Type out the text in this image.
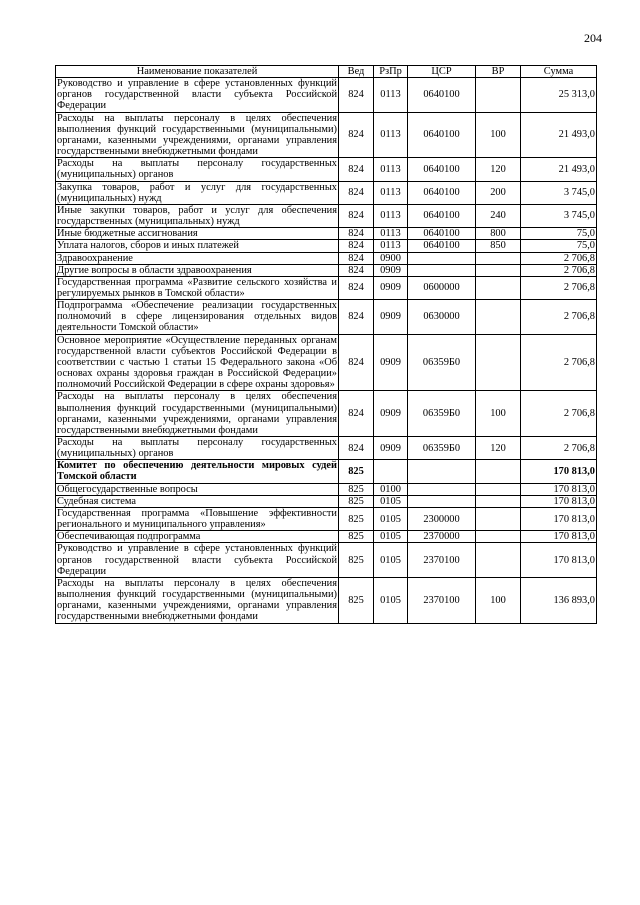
204
Наименование показателей	Вед	РзПр	ЦСР	ВР	Сумма
Руководство и управление в сфере установленных функций органов государственной власти субъекта Российской Федерации	824	0113	0640100		25 313,0
Расходы на выплаты персоналу в целях обеспечения выполнения функций государственными (муниципальными) органами, казенными учреждениями, органами управления государственными внебюджетными фондами	824	0113	0640100	100	21 493,0
Расходы на выплаты персоналу государственных (муниципальных) органов	824	0113	0640100	120	21 493,0
Закупка товаров, работ и услуг для государственных (муниципальных) нужд	824	0113	0640100	200	3 745,0
Иные закупки товаров, работ и услуг для обеспечения государственных (муниципальных) нужд	824	0113	0640100	240	3 745,0
Иные бюджетные ассигнования	824	0113	0640100	800	75,0
Уплата налогов, сборов и иных платежей	824	0113	0640100	850	75,0
Здравоохранение	824	0900			2 706,8
Другие вопросы в области здравоохранения	824	0909			2 706,8
Государственная программа «Развитие сельского хозяйства и регулируемых рынков в Томской области»	824	0909	0600000		2 706,8
Подпрограмма «Обеспечение реализации государственных полномочий в сфере лицензирования отдельных видов деятельности Томской области»	824	0909	0630000		2 706,8
Основное мероприятие «Осуществление переданных органам государственной власти субъектов Российской Федерации в соответствии с частью 1 статьи 15 Федерального закона «Об основах охраны здоровья граждан в Российской Федерации» полномочий Российской Федерации в сфере охраны здоровья»	824	0909	06359Б0		2 706,8
Расходы на выплаты персоналу в целях обеспечения выполнения функций государственными (муниципальными) органами, казенными учреждениями, органами управления государственными внебюджетными фондами	824	0909	06359Б0	100	2 706,8
Расходы на выплаты персоналу государственных (муниципальных) органов	824	0909	06359Б0	120	2 706,8
Комитет по обеспечению деятельности мировых судей Томской области	825				170 813,0
Общегосударственные вопросы	825	0100			170 813,0
Судебная система	825	0105			170 813,0
Государственная программа «Повышение эффективности регионального и муниципального управления»	825	0105	2300000		170 813,0
Обеспечивающая подпрограмма	825	0105	2370000		170 813,0
Руководство и управление в сфере установленных функций органов государственной власти субъекта Российской Федерации	825	0105	2370100		170 813,0
Расходы на выплаты персоналу в целях обеспечения выполнения функций государственными (муниципальными) органами, казенными учреждениями, органами управления государственными внебюджетными фондами	825	0105	2370100	100	136 893,0
